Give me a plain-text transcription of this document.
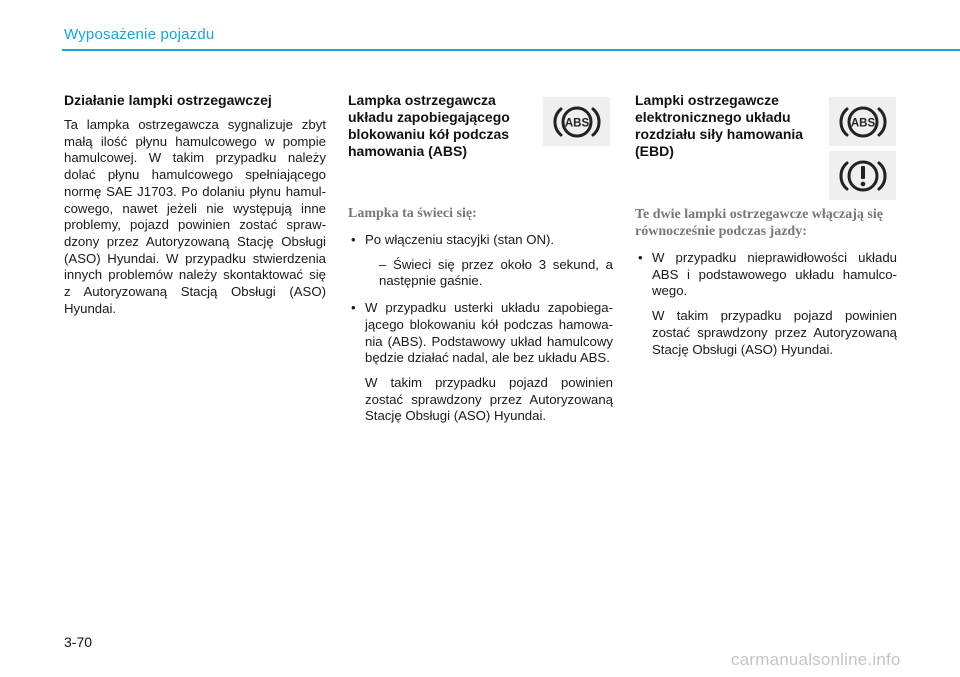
Wyposażenie pojazdu
Działanie lampki ostrzegawczej

Ta lampka ostrzegawcza sygnalizuje zbyt małą ilość płynu hamulcowego w pompie hamulcowej. W takim przypadku należy dolać płynu hamulcowego spełniającego normę SAE J1703. Po dolaniu płynu hamul-cowego, nawet jeżeli nie występują inne problemy, pojazd powinien zostać spraw-dzony przez Autoryzowaną Stację Obsługi (ASO) Hyundai. W przypadku stwierdzenia innych problemów należy skontaktować się z Autoryzowaną Stacją Obsługi (ASO) Hyundai.

Lampka ostrzegawcza układu zapobiegającego blokowaniu kół podczas hamowania (ABS)

Lampka ta świeci się:

• Po włączeniu stacyjki (stan ON).

– Świeci się przez około 3 sekund, a następnie gaśnie.
• W przypadku usterki układu zapobiega-jącego blokowaniu kół podczas hamowa-nia (ABS). Podstawowy układ hamulcowy będzie działać nadal, ale bez układu ABS.

W takim przypadku pojazd powinien zostać sprawdzony przez Autoryzowaną Stację Obsługi (ASO) Hyundai.

Lampki ostrzegawcze elektronicznego układu rozdziału siły hamowania (EBD)

Te dwie lampki ostrzegawcze włączają się równocześnie podczas jazdy:

• W przypadku nieprawidłowości układu ABS i podstawowego układu hamulco-wego.

W takim przypadku pojazd powinien zostać sprawdzony przez Autoryzowaną Stację Obsługi (ASO) Hyundai.

ABS	ABS
3-70
carmanualsonline.info
